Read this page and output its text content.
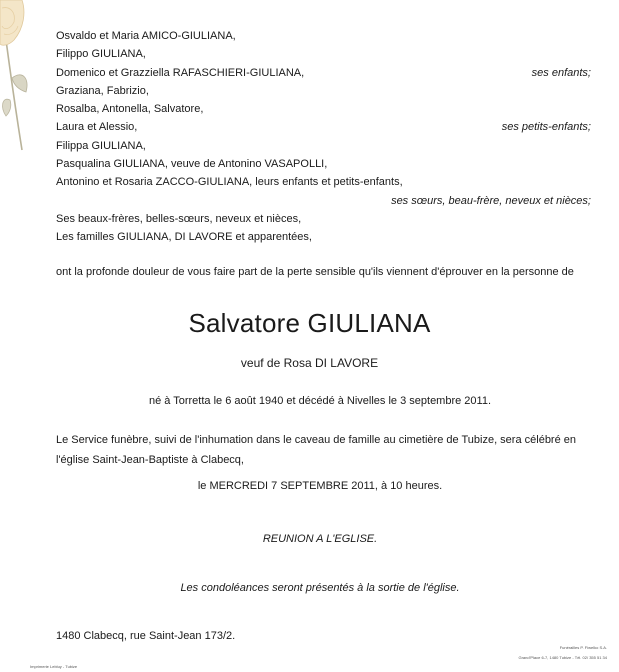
Osvaldo et Maria AMICO-GIULIANA,
Filippo GIULIANA,
Domenico et Grazziella RAFASCHIERI-GIULIANA,	ses enfants;
Graziana, Fabrizio,
Rosalba, Antonella, Salvatore,
Laura et Alessio,	ses petits-enfants;
Filippa GIULIANA,
Pasqualina GIULIANA, veuve de Antonino VASAPOLLI,
Antonino et Rosaria ZACCO-GIULIANA, leurs enfants et petits-enfants,
ses sœurs, beau-frère, neveux et nièces;
Ses beaux-frères, belles-sœurs, neveux et nièces,
Les familles GIULIANA, DI LAVORE et apparentées,
ont la profonde douleur de vous faire part de la perte sensible qu'ils viennent d'éprouver en la personne de
Salvatore GIULIANA
veuf de Rosa DI LAVORE
né à Torretta le 6 août 1940 et décédé à Nivelles le 3 septembre 2011.
Le Service funèbre, suivi de l'inhumation dans le caveau de famille au cimetière de Tubize, sera célébré en l'église Saint-Jean-Baptiste à Clabecq,
le MERCREDI 7 SEPTEMBRE 2011, à 10 heures.
REUNION A L'EGLISE.
Les condoléances seront présentés à la sortie de l'église.
1480 Clabecq, rue Saint-Jean 173/2.
Imprimerie Lebluy - Tubize
Funérailles P. Fiwelko S.A.
Grand'Place 6-7, 1480 Tubize - Tél. 02/ 355 51 34
